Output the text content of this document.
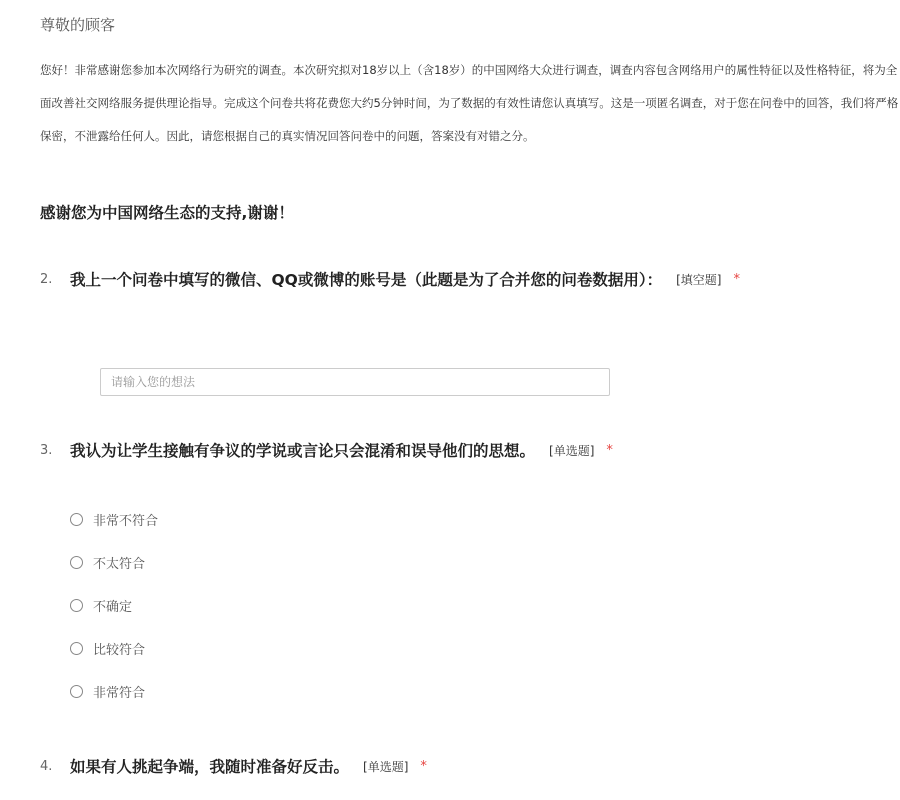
尊敬的顾客
您好！非常感谢您参加本次网络行为研究的调查。本次研究拟对18岁以上（含18岁）的中国网络大众进行调查，调查内容包含网络用户的属性特征以及性格特征，将为全面改善社交网络服务提供理论指导。完成这个问卷共将花费您大约5分钟时间，为了数据的有效性请您认真填写。这是一项匿名调查，对于您在问卷中的回答，我们将严格保密，不泄露给任何人。因此，请您根据自己的真实情况回答问卷中的问题，答案没有对错之分。
感谢您为中国网络生态的支持,谢谢！
2. 我上一个问卷中填写的微信、QQ或微博的账号是（此题是为了合并您的问卷数据用）： [填空题] *
请输入您的想法
3. 我认为让学生接触有争议的学说或言论只会混淆和误导他们的思想。 [单选题] *
非常不符合
不太符合
不确定
比较符合
非常符合
4. 如果有人挑起争端，我随时准备好反击。 [单选题] *
